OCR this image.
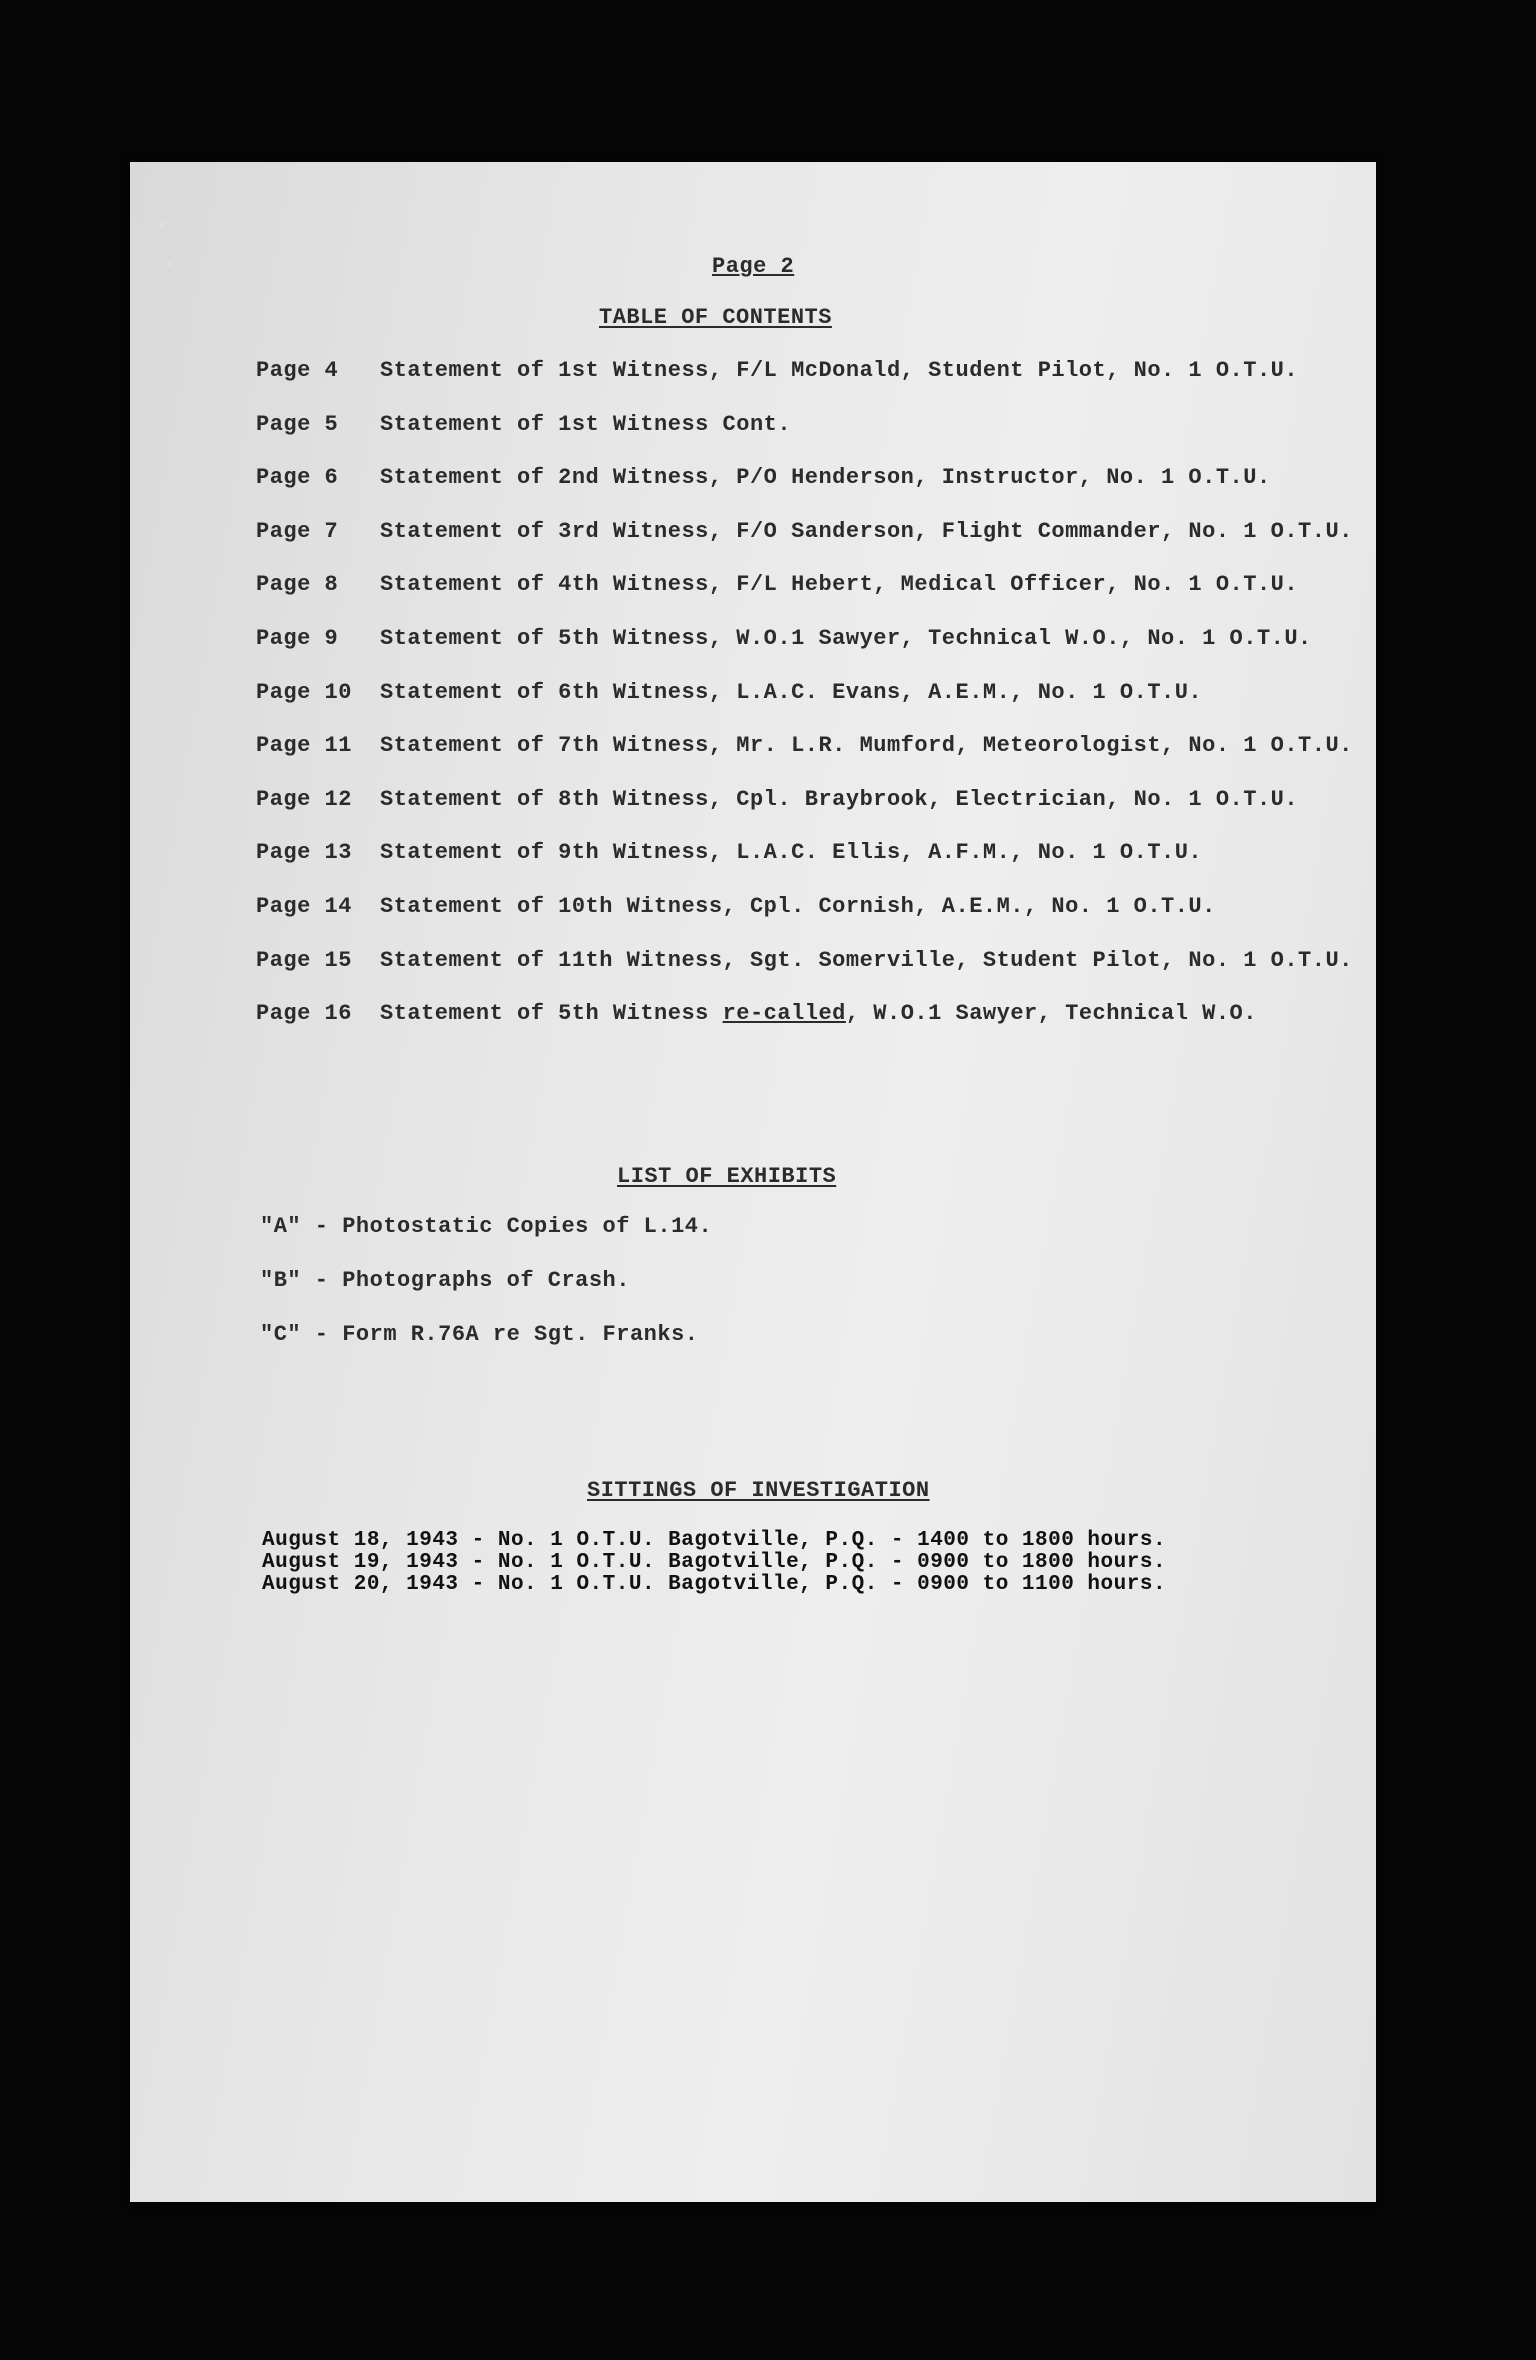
Page 2
TABLE OF CONTENTS
Page 4	Statement of 1st Witness, F/L McDonald, Student Pilot, No. 1 O.T.U.
Page 5	Statement of 1st Witness Cont.
Page 6	Statement of 2nd Witness, P/O Henderson, Instructor, No. 1 O.T.U.
Page 7	Statement of 3rd Witness, F/O Sanderson, Flight Commander, No. 1 O.T.U.
Page 8	Statement of 4th Witness, F/L Hebert, Medical Officer, No. 1 O.T.U.
Page 9	Statement of 5th Witness, W.O.1 Sawyer, Technical W.O., No. 1 O.T.U.
Page 10	Statement of 6th Witness, L.A.C. Evans, A.E.M., No. 1 O.T.U.
Page 11	Statement of 7th Witness, Mr. L.R. Mumford, Meteorologist, No. 1 O.T.U.
Page 12	Statement of 8th Witness, Cpl. Braybrook, Electrician, No. 1 O.T.U.
Page 13	Statement of 9th Witness, L.A.C. Ellis, A.F.M., No. 1 O.T.U.
Page 14	Statement of 10th Witness, Cpl. Cornish, A.E.M., No. 1 O.T.U.
Page 15	Statement of 11th Witness, Sgt. Somerville, Student Pilot, No. 1 O.T.U.
Page 16	Statement of 5th Witness re-called, W.O.1 Sawyer, Technical W.O.
LIST OF EXHIBITS
"A" - Photostatic Copies of L.14.
"B" - Photographs of Crash.
"C" - Form R.76A re Sgt. Franks.
SITTINGS OF INVESTIGATION
August 18, 1943 - No. 1 O.T.U. Bagotville, P.Q. - 1400 to 1800 hours.
August 19, 1943 - No. 1 O.T.U. Bagotville, P.Q. - 0900 to 1800 hours.
August 20, 1943 - No. 1 O.T.U. Bagotville, P.Q. - 0900 to 1100 hours.
